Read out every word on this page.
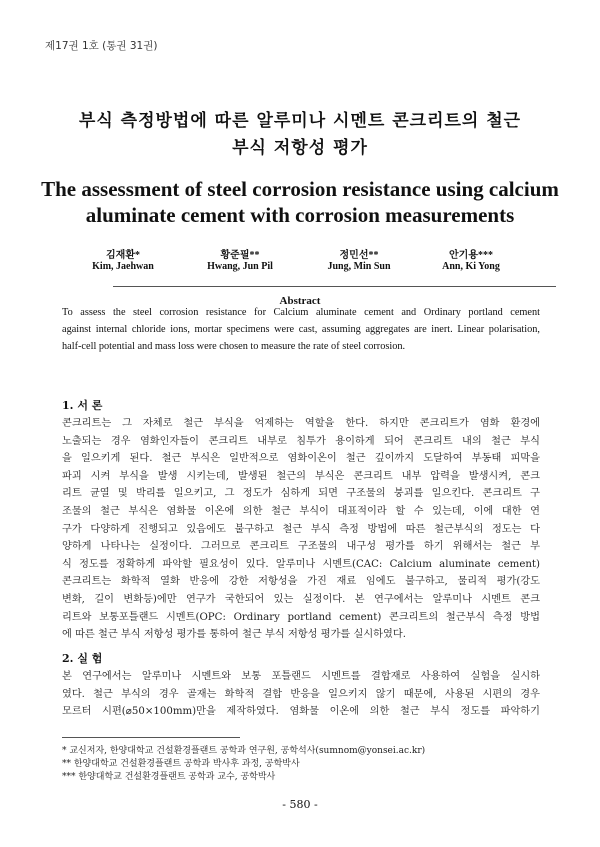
제17권 1호 (통권 31권)
부식 측정방법에 따른 알루미나 시멘트 콘크리트의 철근
부식 저항성 평가
The assessment of steel corrosion resistance using calcium
aluminate cement with corrosion measurements
김재환*
Kim, Jaehwan
황준필**
Hwang, Jun Pil
정민선**
Jung, Min Sun
안기용***
Ann, Ki Yong
Abstract
To assess the steel corrosion resistance for Calcium aluminate cement and Ordinary portland cement
against internal chloride ions, mortar specimens were cast, assuming aggregates are inert. Linear polarisation,
half-cell potential and mass loss were chosen to measure the rate of steel corrosion.
1. 서 론
콘크리트는 그 자체로 철근 부식을 억제하는 역할을 한다. 하지만 콘크리트가 염화 환경에
노출되는 경우 염화인자들이 콘크리트 내부로 침투가 용이하게 되어 콘크리트 내의 철근 부식
을 일으키게 된다. 철근 부식은 일반적으로 염화이온이 철근 깊이까지 도달하여 부동태 피막을
파괴 시켜 부식을 발생 시키는데, 발생된 철근의 부식은 콘크리트 내부 압력을 발생시켜, 콘크
리트 균열 및 박리를 일으키고, 그 정도가 심하게 되면 구조물의 붕괴를 일으킨다. 콘크리트 구
조물의 철근 부식은 염화물 이온에 의한 철근 부식이 대표적이라 할 수 있는데, 이에 대한 연
구가 다양하게 진행되고 있음에도 불구하고 철근 부식 측정 방법에 따른 철근부식의 정도는 다
양하게 나타나는 실정이다. 그러므로 콘크리트 구조물의 내구성 평가를 하기 위해서는 철근 부
식 정도를 정확하게 파악할 필요성이 있다. 알루미나 시멘트(CAC: Calcium aluminate cement)
콘크리트는 화학적 열화 반응에 강한 저항성을 가진 재료 임에도 불구하고, 물리적 평가(강도
변화, 길이 변화등)에만 연구가 국한되어 있는 실정이다. 본 연구에서는 알루미나 시멘트 콘크
리트와 보통포틀랜드 시멘트(OPC: Ordinary portland cement) 콘크리트의 철근부식 측정 방법
에 따른 철근 부식 저항성 평가를 통하여 철근 부식 저항성 평가를 실시하였다.
2. 실 험
본 연구에서는 알루미나 시멘트와 보통 포틀랜드 시멘트를 결합재로 사용하여 실험을 실시하
였다. 철근 부식의 경우 골재는 화학적 결합 반응을 일으키지 않기 때문에, 사용된 시편의 경우
모르터 시편(⌀50×100mm)만을 제작하였다. 염화물 이온에 의한 철근 부식 정도를 파악하기
* 교신저자, 한양대학교 건설환경플랜트 공학과 연구원, 공학석사(sumnom@yonsei.ac.kr)
** 한양대학교 건설환경플랜트 공학과 박사후 과정, 공학박사
*** 한양대학교 건설환경플랜트 공학과 교수, 공학박사
- 580 -
